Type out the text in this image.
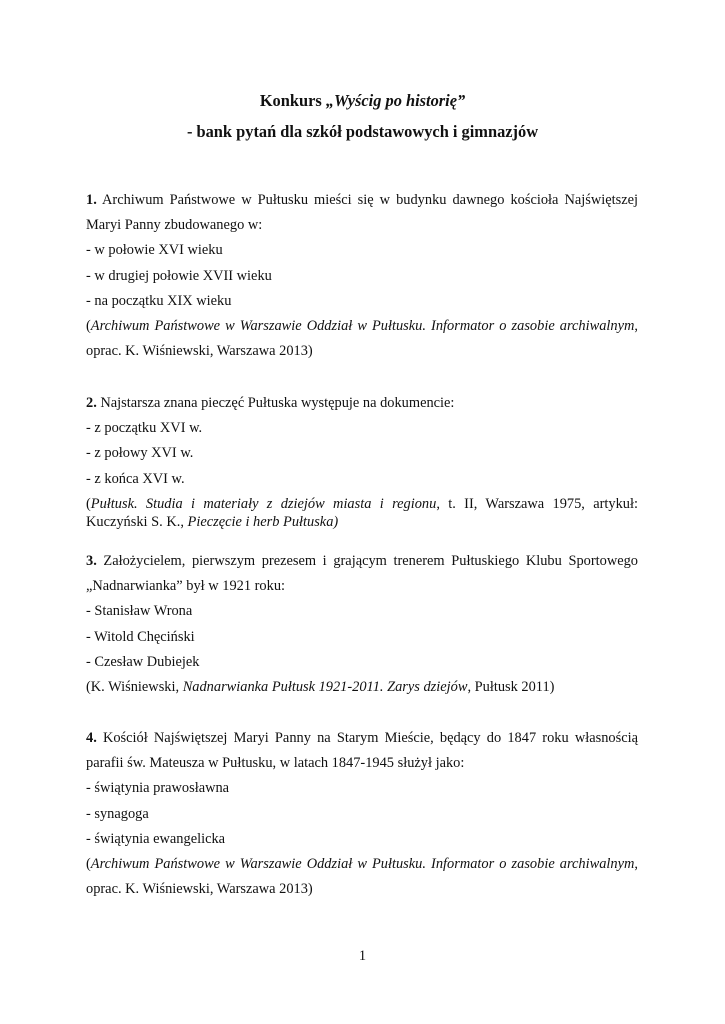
Konkurs „Wyścig po historię”
- bank pytań dla szkół podstawowych i gimnazjów

1. Archiwum Państwowe w Pułtusku mieści się w budynku dawnego kościoła Najświętszej

Maryi Panny zbudowanego w:

- w połowie XVI wieku

- w drugiej połowie XVII wieku

- na początku XIX wieku

(Archiwum Państwowe w Warszawie Oddział w Pułtusku. Informator o zasobie archiwalnym,

oprac. K. Wiśniewski, Warszawa 2013)

2. Najstarsza znana pieczęć Pułtuska występuje na dokumencie:

- z początku XVI w.

- z połowy XVI w.

- z końca XVI w.

(Pułtusk. Studia i materiały z dziejów miasta i regionu, t. II, Warszawa 1975, artykuł:

Kuczyński S. K., Pieczęcie i herb Pułtuska)

3. Założycielem, pierwszym prezesem i grającym trenerem Pułtuskiego Klubu Sportowego

„Nadnarwianka” był w 1921 roku:

- Stanisław Wrona

- Witold Chęciński

- Czesław Dubiejek

(K. Wiśniewski, Nadnarwianka Pułtusk 1921-2011. Zarys dziejów, Pułtusk 2011)

4. Kościół Najświętszej Maryi Panny na Starym Mieście, będący do 1847 roku własnością

parafii św. Mateusza w Pułtusku, w latach 1847-1945 służył jako:

- świątynia prawosławna

- synagoga

- świątynia ewangelicka

(Archiwum Państwowe w Warszawie Oddział w Pułtusku. Informator o zasobie archiwalnym,

oprac. K. Wiśniewski, Warszawa 2013)

1
